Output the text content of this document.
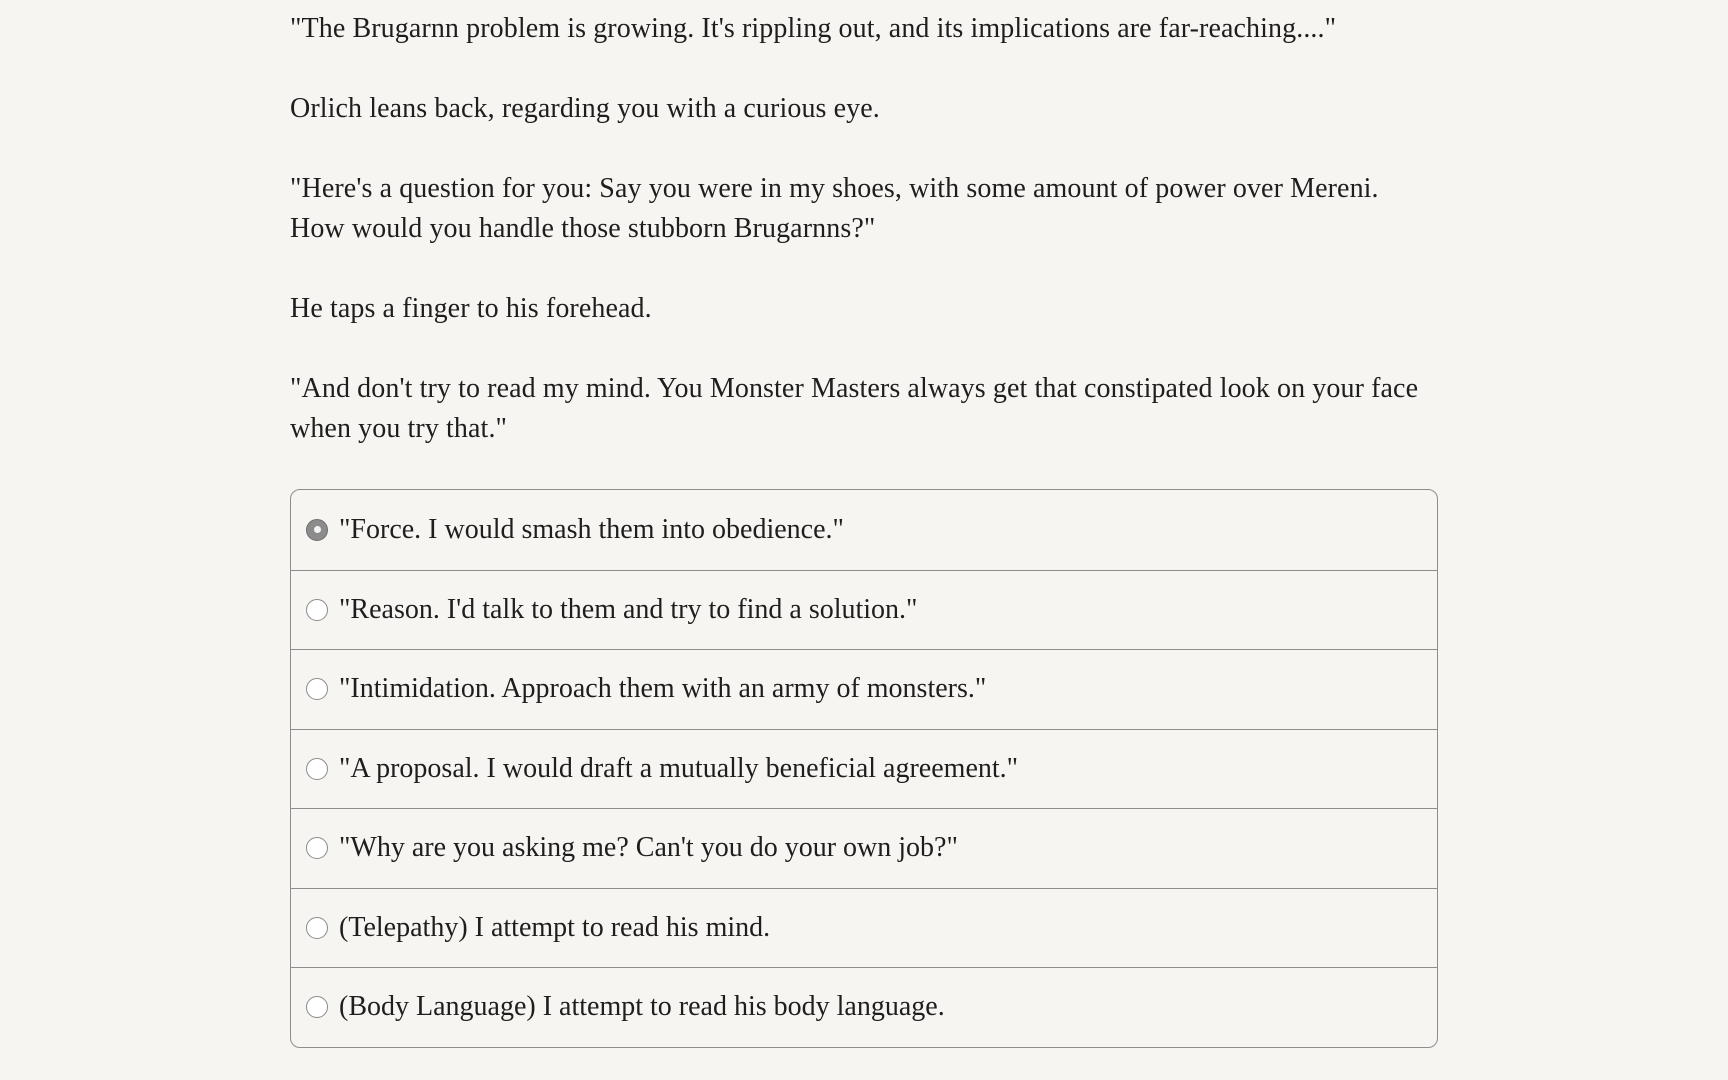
"The Brugarnn problem is growing. It's rippling out, and its implications are far-reaching...."

Orlich leans back, regarding you with a curious eye.

"Here's a question for you: Say you were in my shoes, with some amount of power over Mereni. How would you handle those stubborn Brugarnns?"

He taps a finger to his forehead.

"And don't try to read my mind. You Monster Masters always get that constipated look on your face when you try that."

"Force. I would smash them into obedience."
"Reason. I'd talk to them and try to find a solution."
"Intimidation. Approach them with an army of monsters."
"A proposal. I would draft a mutually beneficial agreement."
"Why are you asking me? Can't you do your own job?"
(Telepathy) I attempt to read his mind.
(Body Language) I attempt to read his body language.
